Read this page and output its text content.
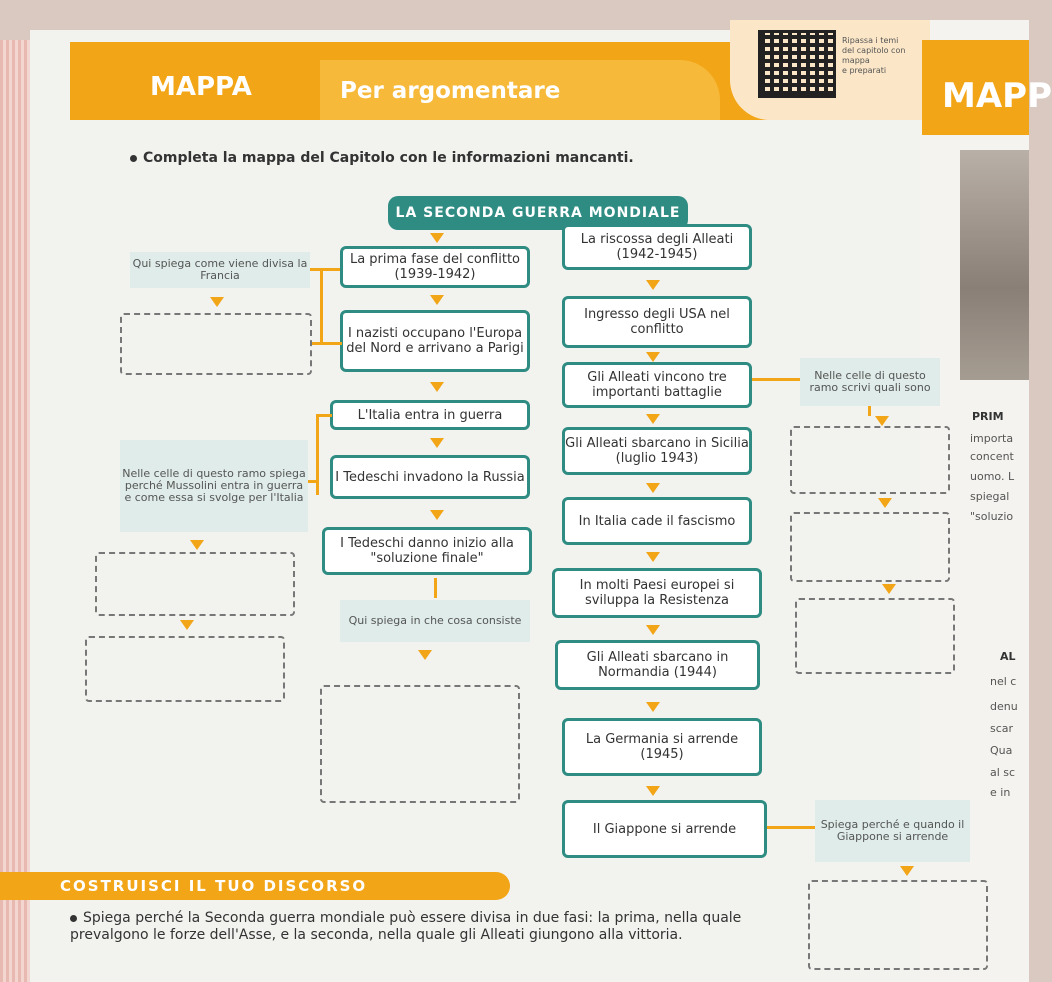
MAPPA	Per argomentare
Ripassa i temi
del capitolo con
mappa
e preparati
MAPP
Completa la mappa del Capitolo con le informazioni mancanti.
LA SECONDA GUERRA MONDIALE
La prima fase del conflitto (1939-1942)
I nazisti occupano l'Europa del Nord e arrivano a Parigi
L'Italia entra in guerra
I Tedeschi invadono la Russia
I Tedeschi danno inizio alla "soluzione finale"
Qui spiega in che cosa consiste
Qui spiega come viene divisa la Francia
Nelle celle di questo ramo spiega perché Mussolini entra in guerra e come essa si svolge per l'Italia
La riscossa degli Alleati (1942-1945)
Ingresso degli USA nel conflitto
Gli Alleati vincono tre importanti battaglie
Gli Alleati sbarcano in Sicilia (luglio 1943)
In Italia cade il fascismo
In molti Paesi europei si sviluppa la Resistenza
Gli Alleati sbarcano in Normandia (1944)
La Germania si arrende (1945)
Il Giappone si arrende
Nelle celle di questo ramo scrivi quali sono
Spiega perché e quando il Giappone si arrende
PRIM
importa
concent
uomo. L
spiegal
"soluzio
AL
nel c
denu
scar
Qua
al sc
e in
COSTRUISCI IL TUO DISCORSO
Spiega perché la Seconda guerra mondiale può essere divisa in due fasi: la prima, nella quale prevalgono le forze dell'Asse, e la seconda, nella quale gli Alleati giungono alla vittoria.
